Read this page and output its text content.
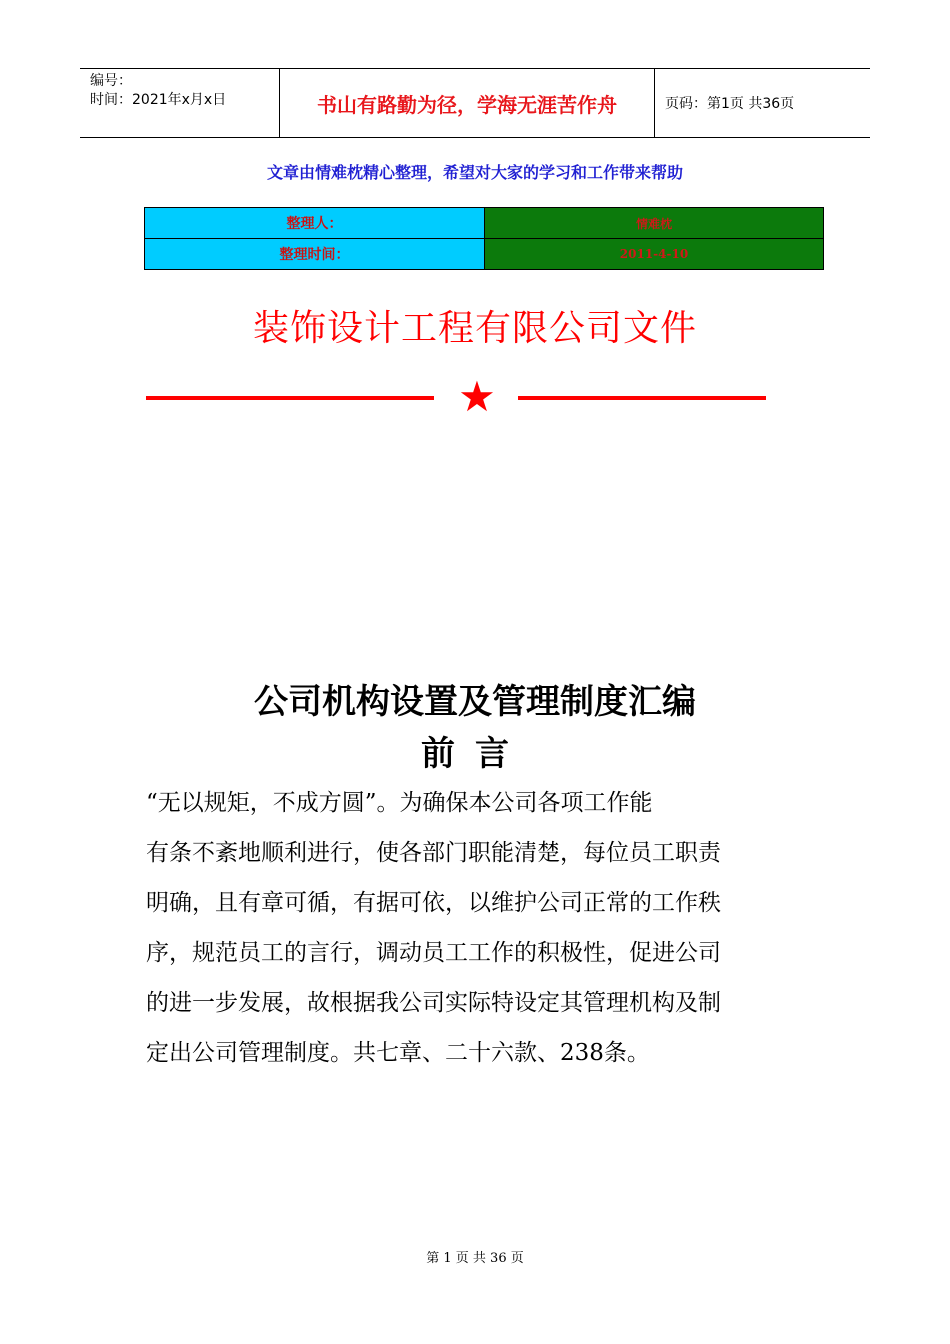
编号：
时间：2021年x月x日	书山有路勤为径，学海无涯苦作舟	页码：第1页 共36页
文章由情难枕精心整理，希望对大家的学习和工作带来帮助
整理人：	情难枕
整理时间：	2011-4-10
装饰设计工程有限公司文件
★
公司机构设置及管理制度汇编
前言
“无以规矩，不成方圆”。为确保本公司各项工作能
有条不紊地顺利进行，使各部门职能清楚，每位员工职责
明确，且有章可循，有据可依，以维护公司正常的工作秩
序，规范员工的言行，调动员工工作的积极性，促进公司
的进一步发展，故根据我公司实际特设定其管理机构及制
定出公司管理制度。共七章、二十六款、238条。
第 1 页 共 36 页
